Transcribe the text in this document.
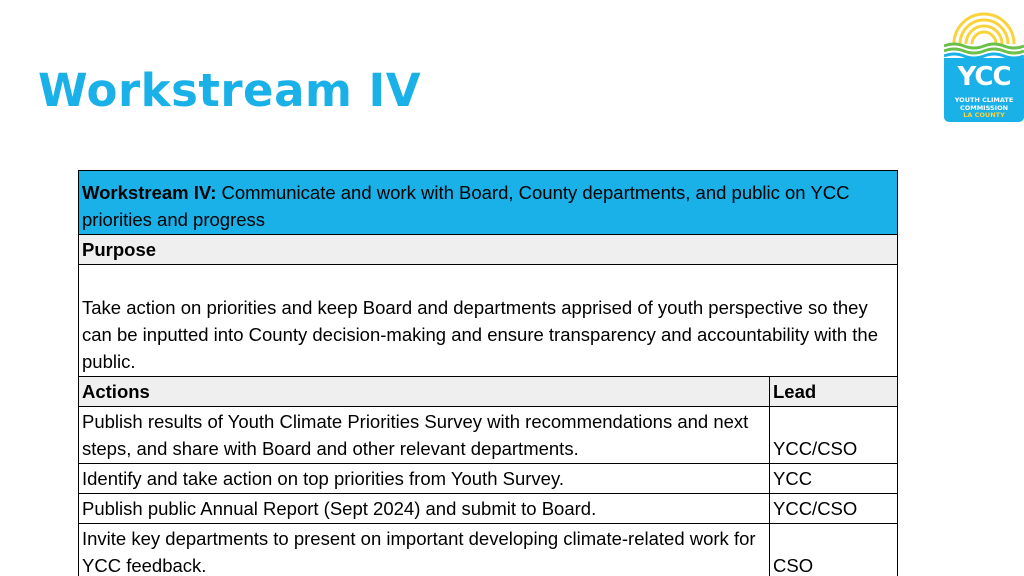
Workstream IV	YCC
YOUTH CLIMATE
COMMISSION
LA COUNTY
Workstream IV: Communicate and work with Board, County departments, and public on YCC priorities and progress	
Purpose	
Take action on priorities and keep Board and departments apprised of youth perspective so they can be inputted into County decision-making and ensure transparency and accountability with the public.	
Actions	Lead
Publish results of Youth Climate Priorities Survey with recommendations and next steps, and share with Board and other relevant departments.	YCC/CSO
Identify and take action on top priorities from Youth Survey.	YCC
Publish public Annual Report (Sept 2024) and submit to Board.	YCC/CSO
Invite key departments to present on important developing climate-related work for YCC feedback.	CSO
